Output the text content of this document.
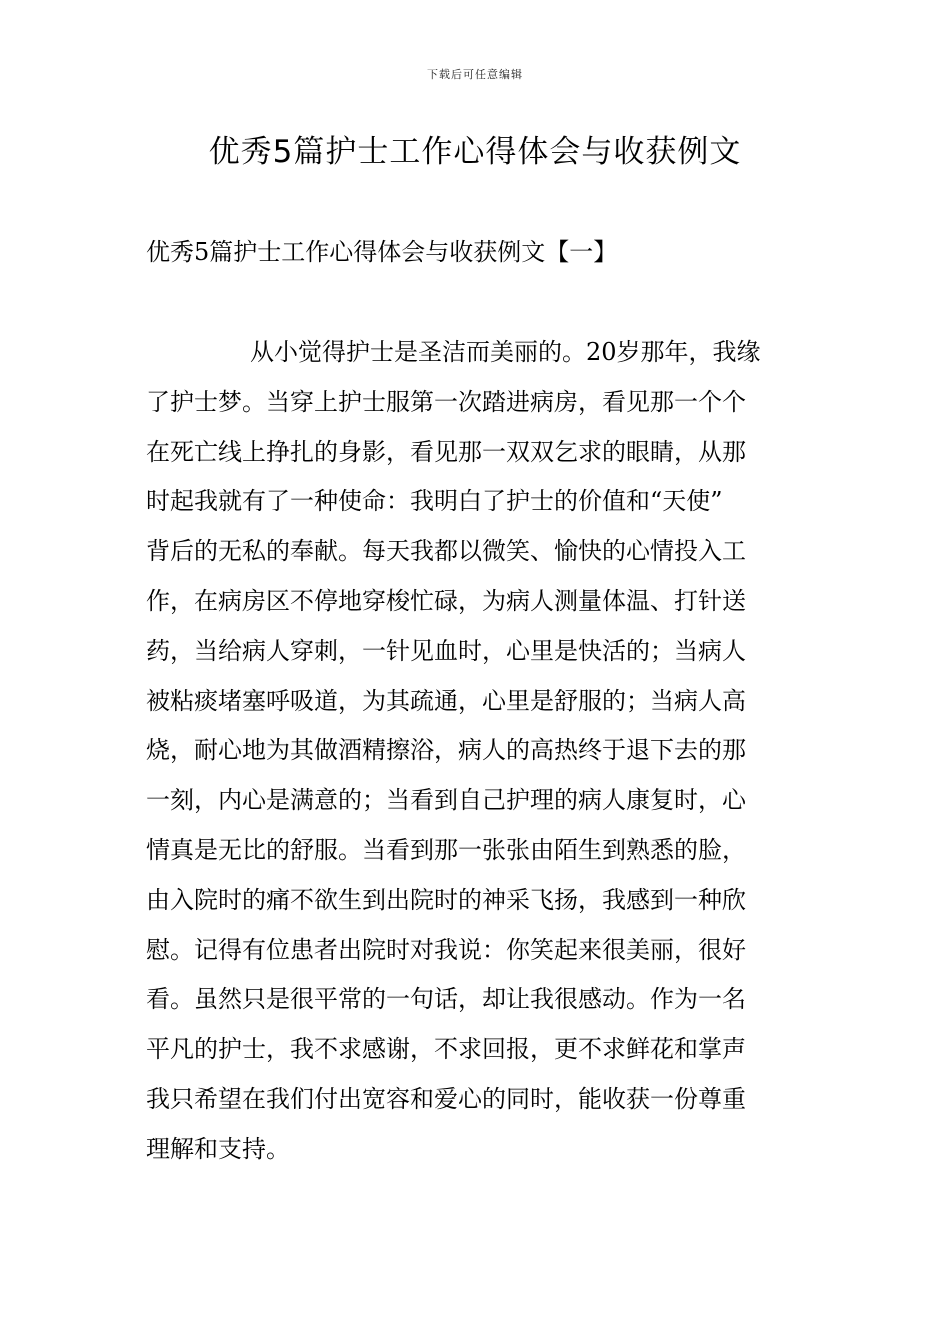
下载后可任意编辑
优秀5篇护士工作心得体会与收获例文
优秀5篇护士工作心得体会与收获例文【一】
从小觉得护士是圣洁而美丽的。20岁那年，我缘
了护士梦。当穿上护士服第一次踏进病房，看见那一个个
在死亡线上挣扎的身影，看见那一双双乞求的眼睛，从那
时起我就有了一种使命：我明白了护士的价值和“天使”
背后的无私的奉献。每天我都以微笑、愉快的心情投入工
作，在病房区不停地穿梭忙碌，为病人测量体温、打针送
药，当给病人穿刺，一针见血时，心里是快活的；当病人
被粘痰堵塞呼吸道，为其疏通，心里是舒服的；当病人高
烧，耐心地为其做酒精擦浴，病人的高热终于退下去的那
一刻，内心是满意的；当看到自己护理的病人康复时，心
情真是无比的舒服。当看到那一张张由陌生到熟悉的脸，
由入院时的痛不欲生到出院时的神采飞扬，我感到一种欣
慰。记得有位患者出院时对我说：你笑起来很美丽，很好
看。虽然只是很平常的一句话，却让我很感动。作为一名
平凡的护士，我不求感谢，不求回报，更不求鲜花和掌声
我只希望在我们付出宽容和爱心的同时，能收获一份尊重
理解和支持。
